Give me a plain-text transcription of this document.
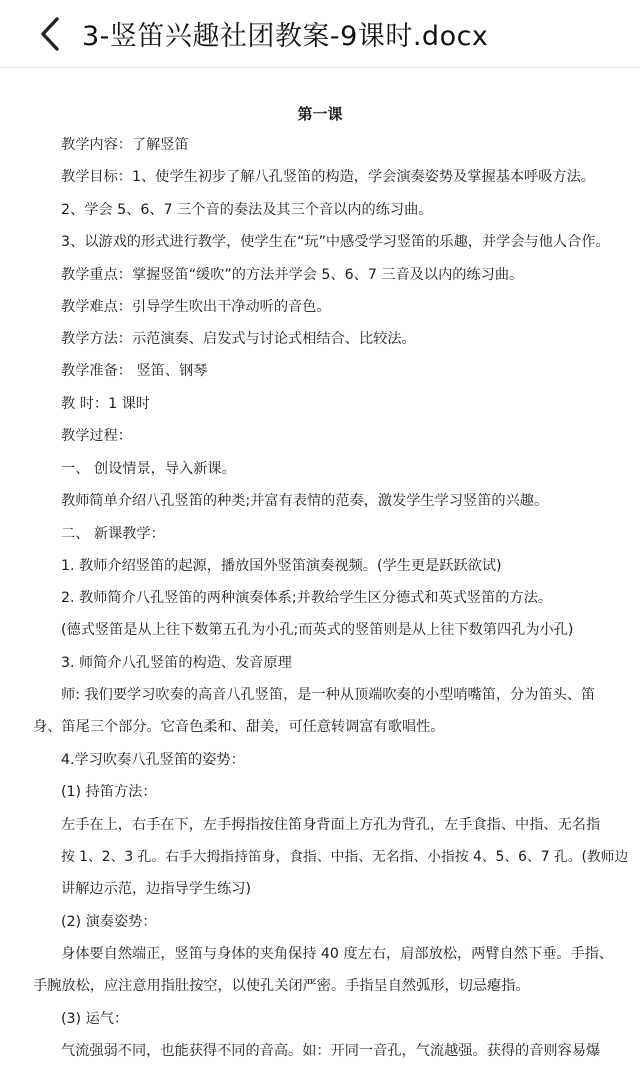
3-竖笛兴趣社团教案-9课时.docx
第一课
教学内容：了解竖笛
教学目标：1、使学生初步了解八孔竖笛的构造，学会演奏姿势及掌握基本呼吸方法。
2、学会 5、6、7 三个音的奏法及其三个音以内的练习曲。
3、以游戏的形式进行教学，使学生在“玩”中感受学习竖笛的乐趣，并学会与他人合作。
教学重点：掌握竖笛“缓吹”的方法并学会 5、6、7 三音及以内的练习曲。
教学难点：引导学生吹出干净动听的音色。
教学方法：示范演奏、启发式与讨论式相结合、比较法。
教学准备： 竖笛、钢琴
教 时：1 课时
教学过程：
一、 创设情景，导入新课。
教师简单介绍八孔竖笛的种类;并富有表情的范奏，激发学生学习竖笛的兴趣。
二、 新课教学：
1. 教师介绍竖笛的起源，播放国外竖笛演奏视频。(学生更是跃跃欲试)
2. 教师简介八孔竖笛的两种演奏体系;并教给学生区分德式和英式竖笛的方法。
(德式竖笛是从上往下数第五孔为小孔;而英式的竖笛则是从上往下数第四孔为小孔)
3. 师简介八孔竖笛的构造、发音原理
师: 我们要学习吹奏的高音八孔竖笛，是一种从顶端吹奏的小型哨嘴笛，分为笛头、笛
身、笛尾三个部分。它音色柔和、甜美，可任意转调富有歌唱性。
4.学习吹奏八孔竖笛的姿势：
(1) 持笛方法：
左手在上，右手在下，左手拇指按住笛身背面上方孔为背孔，左手食指、中指、无名指
按 1、2、3 孔。右手大拇指持笛身，食指、中指、无名指、小指按 4、5、6、7 孔。(教师边
讲解边示范，边指导学生练习)
(2) 演奏姿势：
身体要自然端正，竖笛与身体的夹角保持 40 度左右，肩部放松，两臂自然下垂。手指、
手腕放松，应注意用指肚按空，以使孔关闭严密。手指呈自然弧形，切忌瘪指。
(3) 运气：
气流强弱不同，也能获得不同的音高。如：开同一音孔，气流越强。获得的音则容易爆
